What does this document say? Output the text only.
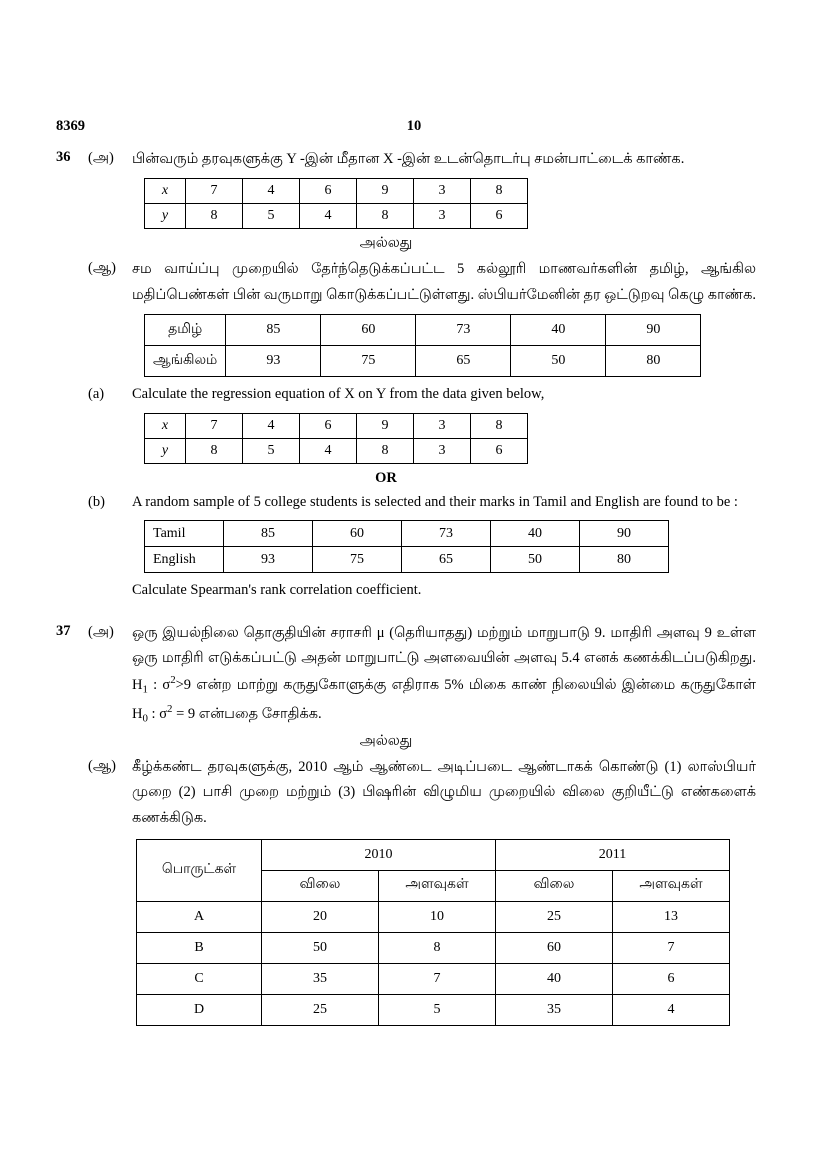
8369	10
36	(அ)	பின்வரும் தரவுகளுக்கு Y -இன் மீதான X -இன் உடன்தொடர்பு சமன்பாட்டைக் காண்க.
x	7	4	6	9	3	8
y	8	5	4	8	3	6
அல்லது
(ஆ)	சம வாய்ப்பு முறையில் தேர்ந்தெடுக்கப்பட்ட 5 கல்லூரி மாணவர்களின் தமிழ், ஆங்கில மதிப்பெண்கள் பின் வருமாறு கொடுக்கப்பட்டுள்ளது. ஸ்பியர்மேனின் தர ஒட்டுறவு கெழு காண்க.
தமிழ்	85	60	73	40	90
ஆங்கிலம்	93	75	65	50	80
(a)	Calculate the regression equation of X on Y from the data given below,
x	7	4	6	9	3	8
y	8	5	4	8	3	6
OR
(b)	A random sample of 5 college students is selected and their marks in Tamil and English are found to be :
Tamil	85	60	73	40	90
English	93	75	65	50	80
Calculate Spearman's rank correlation coefficient.
37	(அ)	ஒரு இயல்நிலை தொகுதியின் சராசரி μ (தெரியாதது) மற்றும் மாறுபாடு 9. மாதிரி அளவு 9 உள்ள ஒரு மாதிரி எடுக்கப்பட்டு அதன் மாறுபாட்டு அளவையின் அளவு 5.4 எனக் கணக்கிடப்படுகிறது. $H_1$ : $\sigma^2>9$ என்ற மாற்று கருதுகோளுக்கு எதிராக 5% மிகை காண் நிலையில் இன்மை கருதுகோள் $H_0$ : $\sigma^2 = 9$ என்பதை சோதிக்க.
அல்லது
(ஆ)	கீழ்க்கண்ட தரவுகளுக்கு, 2010 ஆம் ஆண்டை அடிப்படை ஆண்டாகக் கொண்டு (1) லாஸ்பியர் முறை (2) பாசி முறை மற்றும் (3) பிஷரின் விழுமிய முறையில் விலை குறியீட்டு எண்களைக் கணக்கிடுக.
பொருட்கள்	2010		2011	
	விலை	அளவுகள்	விலை	அளவுகள்
A	20	10	25	13
B	50	8	60	7
C	35	7	40	6
D	25	5	35	4
